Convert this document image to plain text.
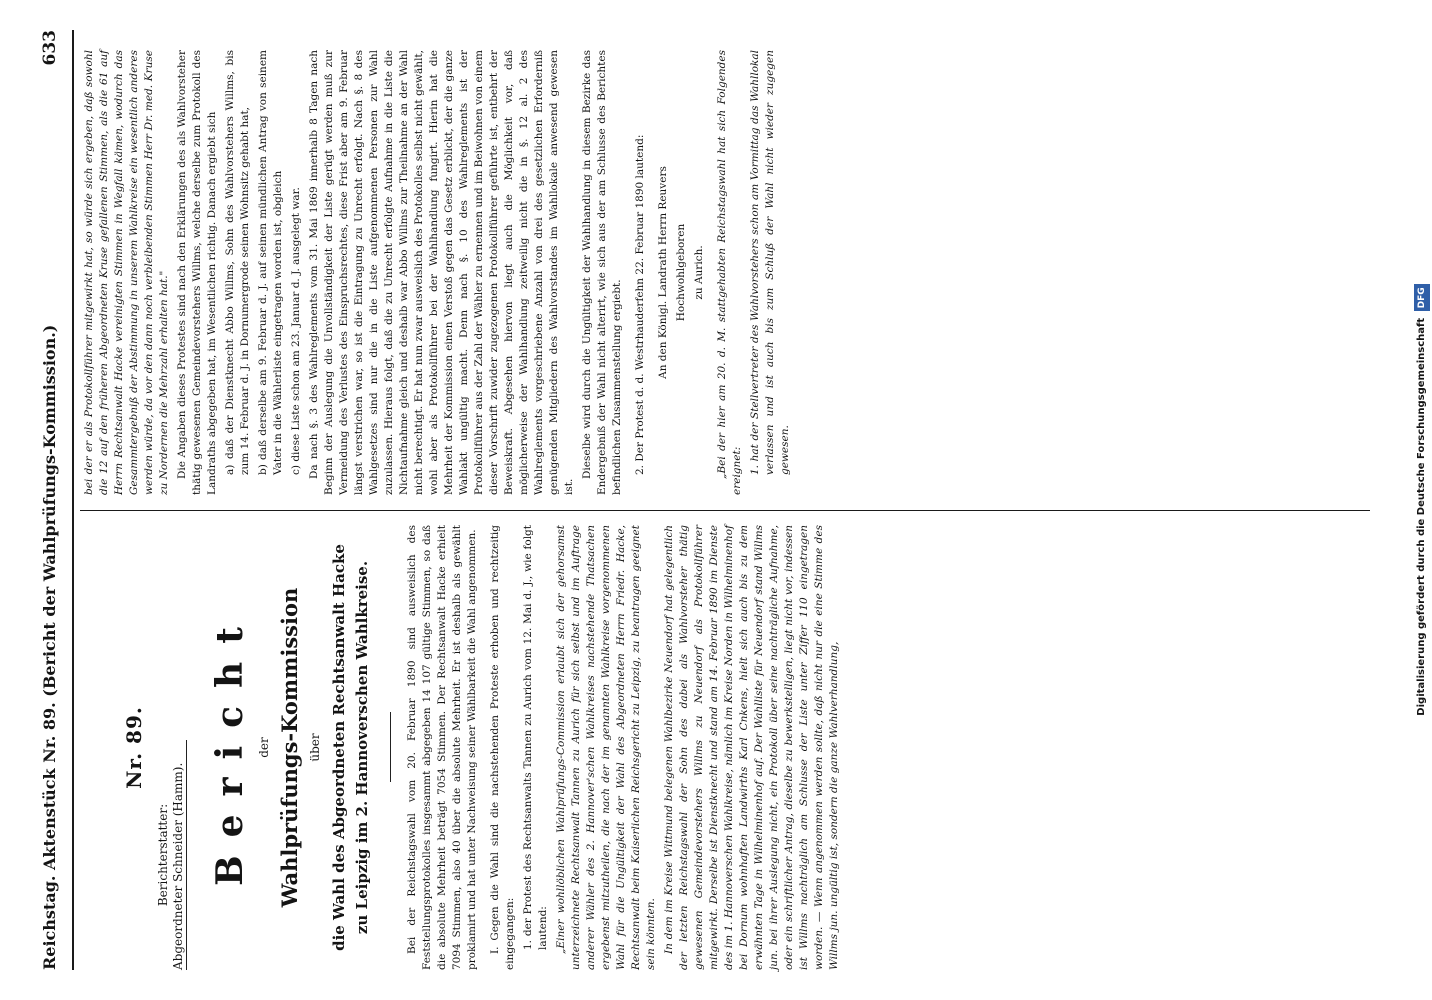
Reichstag.
Aktenstück Nr. 89. (Bericht der Wahlprüfungs-Kommission.)
633
Nr. 89.
Berichterstatter: Abgeordneter Schneider (Hamm). Bericht der Wahlprüfungs-Kommission über die Wahl des Abgeordneten Rechtsanwalt Hacke zu Leipzig im 2. Hannoverschen Wahlkreise.	Bei der Reichstagswahl vom 20. Februar 1890 sind ausweislich des Feststellungsprotokolles insgesammt abgegeben 14 107 gültige Stimmen, so daß die absolute Mehrheit beträgt 7054 Stimmen. Der Rechtsanwalt Hacke erhielt 7094 Stimmen, also 40 über die absolute Mehrheit. Er ist deshalb als gewählt proklamirt und hat unter Nachweisung seiner Wählbarkeit die Wahl angenommen. I. Gegen die Wahl sind die nachstehenden Proteste erhoben und rechtzeitig eingegangen: 1. der Protest des Rechtsanwalts Tannen zu Aurich vom 12. Mai d. J., wie folgt lautend: „Einer wohllöblichen Wahlprüfungs-Commission erlaubt sich der gehorsamst unterzeichnete Rechtsanwalt Tannen zu Aurich für sich selbst und im Auftrage anderer Wähler des 2. Hannover'schen Wahlkreises nachstehende Thatsachen ergebenst mitzutheilen, die nach der im genannten Wahlkreise vorgenommenen Wahl für die Ungültigkeit der Wahl des Abgeordneten Herrn Friedr. Hacke, Rechtsanwalt beim Kaiserlichen Reichsgericht zu Leipzig, zu beantragen geeignet sein könnten. In dem im Kreise Wittmund belegenen Wahlbezirke Neuendorf hat gelegentlich der letzten Reichstagswahl der Sohn des dabei als Wahlvorsteher thätig gewesenen Gemeindevorstehers Willms zu Neuendorf als Protokollführer mitgewirkt. Derselbe ist Dienstknecht und stand am 14. Februar 1890 im Dienste des im 1. Hannoverschen Wahlkreise, nämlich im Kreise Norden in Wilhelminenhof bei Dornum wohnhaften Landwirths Karl Cnkens, hielt sich auch bis zu dem erwähnten Tage in Wilhelminenhof auf. Der Wahlliste für Neuendorf stand Willms jun. bei ihrer Auslegung nicht, ein Protokoll über seine nachträgliche Aufnahme, oder ein schriftlicher Antrag, dieselbe zu bewerkstelligen, liegt nicht vor, indessen ist Willms nachträglich am Schlusse der Liste unter Ziffer 110 eingetragen worden. — Wenn angenommen werden sollte, daß nicht nur die eine Stimme des Willms jun. ungültig ist, sondern die ganze Wahlverhandlung,

bei der er als Protokollführer mitgewirkt hat, so würde sich ergeben, daß sowohl die 12 auf den früheren Abgeordneten Kruse gefallenen Stimmen, als die 61 auf Herrn Rechtsanwalt Hacke vereinigten Stimmen in Wegfall kämen, wodurch das Gesammtergebniß der Abstimmung in unserem Wahlkreise ein wesentlich anderes werden würde, da vor den dann noch verbleibenden Stimmen Herr Dr. med. Kruse zu Nordernen die Mehrzahl erhalten hat." Die Angaben dieses Protestes sind nach den Erklärungen des als Wahlvorsteher thätig gewesenen Gemeindevorstehers Willms, welche derselbe zum Protokoll des Landraths abgegeben hat, im Wesentlichen richtig. Danach ergiebt sich a) daß der Dienstknecht Abbo Willms, Sohn des Wahlvorstehers Willms, bis zum 14. Februar d. J. in Dornumergrode seinen Wohnsitz gehabt hat, b) daß derselbe am 9. Februar d. J. auf seinen mündlichen Antrag von seinem Vater in die Wählerliste eingetragen worden ist, obgleich c) diese Liste schon am 23. Januar d. J. ausgelegt war. Da nach §. 3 des Wahlreglements vom 31. Mai 1869 innerhalb 8 Tagen nach Beginn der Auslegung die Unvollständigkeit der Liste gerügt werden muß zur Vermeidung des Verlustes des Einspruchsrechtes, diese Frist aber am 9. Februar längst verstrichen war, so ist die Eintragung zu Unrecht erfolgt. Nach §. 8 des Wahlgesetzes sind nur die in die Liste aufgenommenen Personen zur Wahl zuzulassen. Hieraus folgt, daß die zu Unrecht erfolgte Aufnahme in die Liste die Nichtaufnahme gleich und deshalb war Abbo Willms zur Theilnahme an der Wahl nicht berechtigt. Er hat nun zwar ausweislich des Protokolles selbst nicht gewählt, wohl aber als Protokollführer bei der Wahlhandlung fungirt. Hierin hat die Mehrheit der Kommission einen Verstoß gegen das Gesetz erblickt, der die ganze Wahlakt ungültig macht. Denn nach §. 10 des Wahlreglements ist der Protokollführer aus der Zahl der Wähler zu ernennen und im Beiwohnen von einem dieser Vorschrift zuwider zugezogenen Protokollführer geführte ist, entbehrt der Beweiskraft. Abgesehen hiervon liegt auch die Möglichkeit vor, daß möglicherweise der Wahlhandlung zeitweilig nicht die in §. 12 al. 2 des Wahlreglements vorgeschriebene Anzahl von drei des gesetzlichen Erforderniß genügenden Mitgliedern des Wahlvorstandes im Wahllokale anwesend gewesen ist.

Dieselbe wird durch die Ungültigkeit der Wahlhandlung in diesem Bezirke das Endergebniß der Wahl nicht alterirt, wie sich aus der am Schlusse des Berichtes befindlichen Zusammenstellung ergiebt. 2. Der Protest d. d. Westrhauderfehn 22. Februar 1890 lautend: An den Königl. Landrath Herrn Reuvers Hochwohlgeboren zu Aurich. „Bei der hier am 20. d. M. stattgehabten Reichstagswahl hat sich Folgendes ereignet: 1. hat der Stellvertreter des Wahlvorstehers schon am Vormittag das Wahllokal verlassen und ist auch bis zum Schluß der Wahl nicht wieder zugegen gewesen.	Digitalisierung gefördert durch die Deutsche Forschungsgemeinschaft DFG
